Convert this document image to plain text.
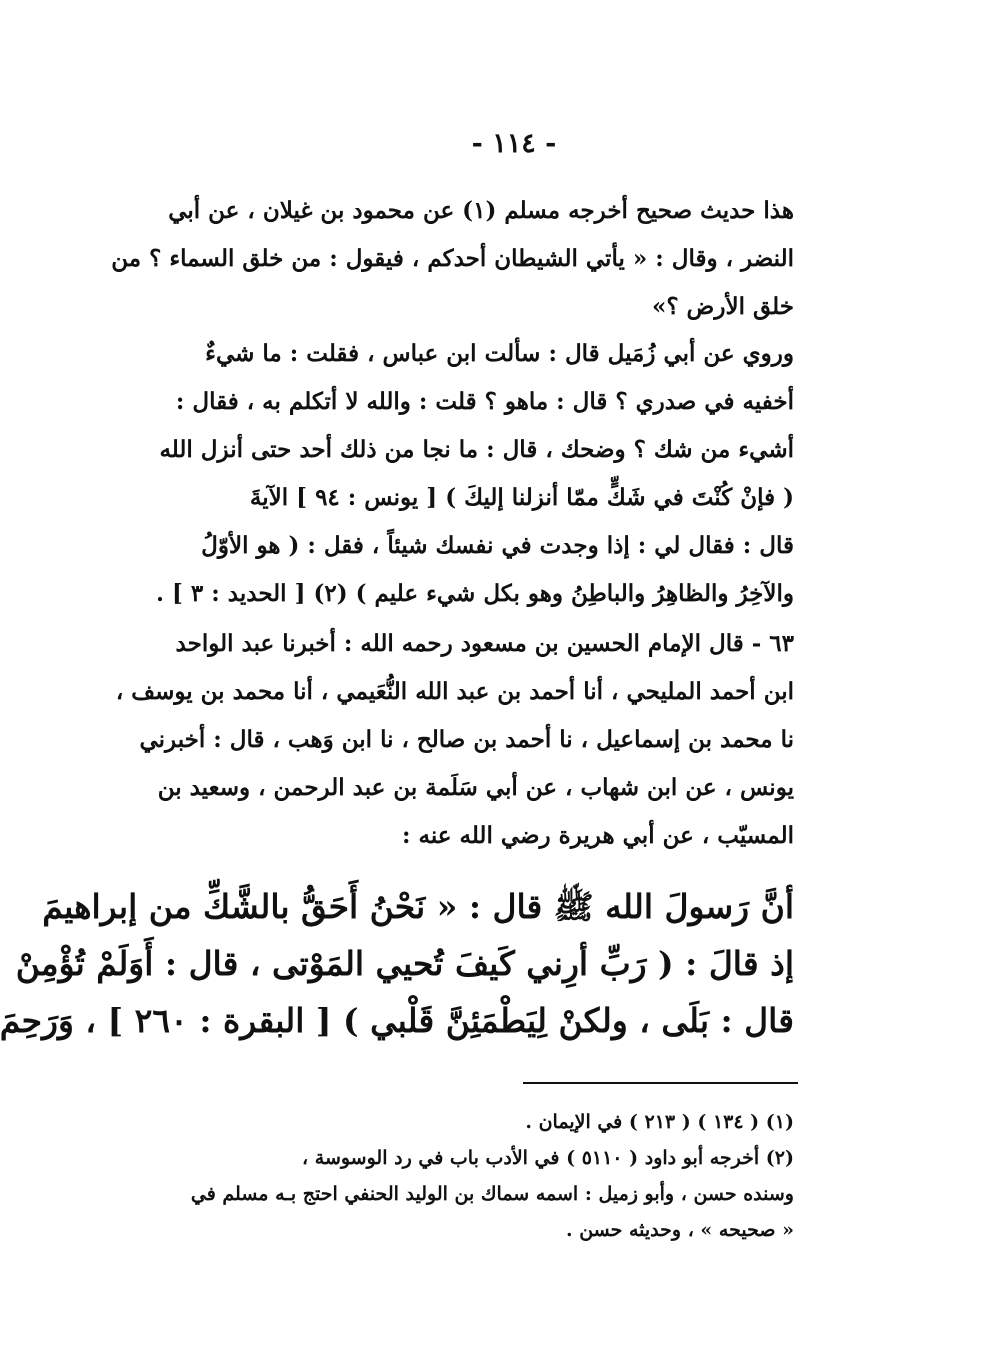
- ١١٤ -
هذا حديث صحيح أخرجه مسلم (١) عن محمود بن غيلان ، عن أبي
النضر ، وقال : « يأتي الشيطان أحدكم ، فيقول : من خلق السماء ؟ من
خلق الأرض ؟»
وروي عن أبي زُمَيل قال : سألت ابن عباس ، فقلت : ما شيءٌ
أخفيه في صدري ؟ قال : ماهو ؟ قلت : والله لا أتكلم به ، فقال :
أشيء من شك ؟ وضحك ، قال : ما نجا من ذلك أحد حتى أنزل الله
( فإنْ كُنْتَ في شَكٍّ ممّا أنزلنا إليكَ ) [ يونس : ٩٤ ] الآيةَ
قال : فقال لي : إذا وجدت في نفسك شيئاً ، فقل : ( هو الأوّلُ
والآخِرُ والظاهِرُ والباطِنُ وهو بكل شيء عليم ) (٢) [ الحديد : ٣ ] .
٦٣ - قال الإمام الحسين بن مسعود رحمه الله : أخبرنا عبد الواحد
ابن أحمد المليحي ، أنا أحمد بن عبد الله النُّعَيمي ، أنا محمد بن يوسف ،
نا محمد بن إسماعيل ، نا أحمد بن صالح ، نا ابن وَهب ، قال : أخبرني
يونس ، عن ابن شهاب ، عن أبي سَلَمة بن عبد الرحمن ، وسعيد بن
المسيّب ، عن أبي هريرة رضي الله عنه :
أنَّ رَسولَ الله ﷺ قال : « نَحْنُ أَحَقُّ بالشَّكِّ من إبراهيمَ
إذ قالَ : ( رَبِّ أرِني كَيفَ تُحيي المَوْتى ، قال : أَوَلَمْ تُؤْمِنْ
قال : بَلَى ، ولكنْ لِيَطْمَئِنَّ قَلْبي ) [ البقرة : ٢٦٠ ] ، وَرَحِمَ
(١) ( ١٣٤ ) ( ٢١٣ ) في الإيمان .
(٢) أخرجه أبو داود ( ٥١١٠ ) في الأدب باب في رد الوسوسة ،
وسنده حسن ، وأبو زميل : اسمه سماك بن الوليد الحنفي احتج بـه مسلم في
« صحيحه » ، وحديثه حسن .
